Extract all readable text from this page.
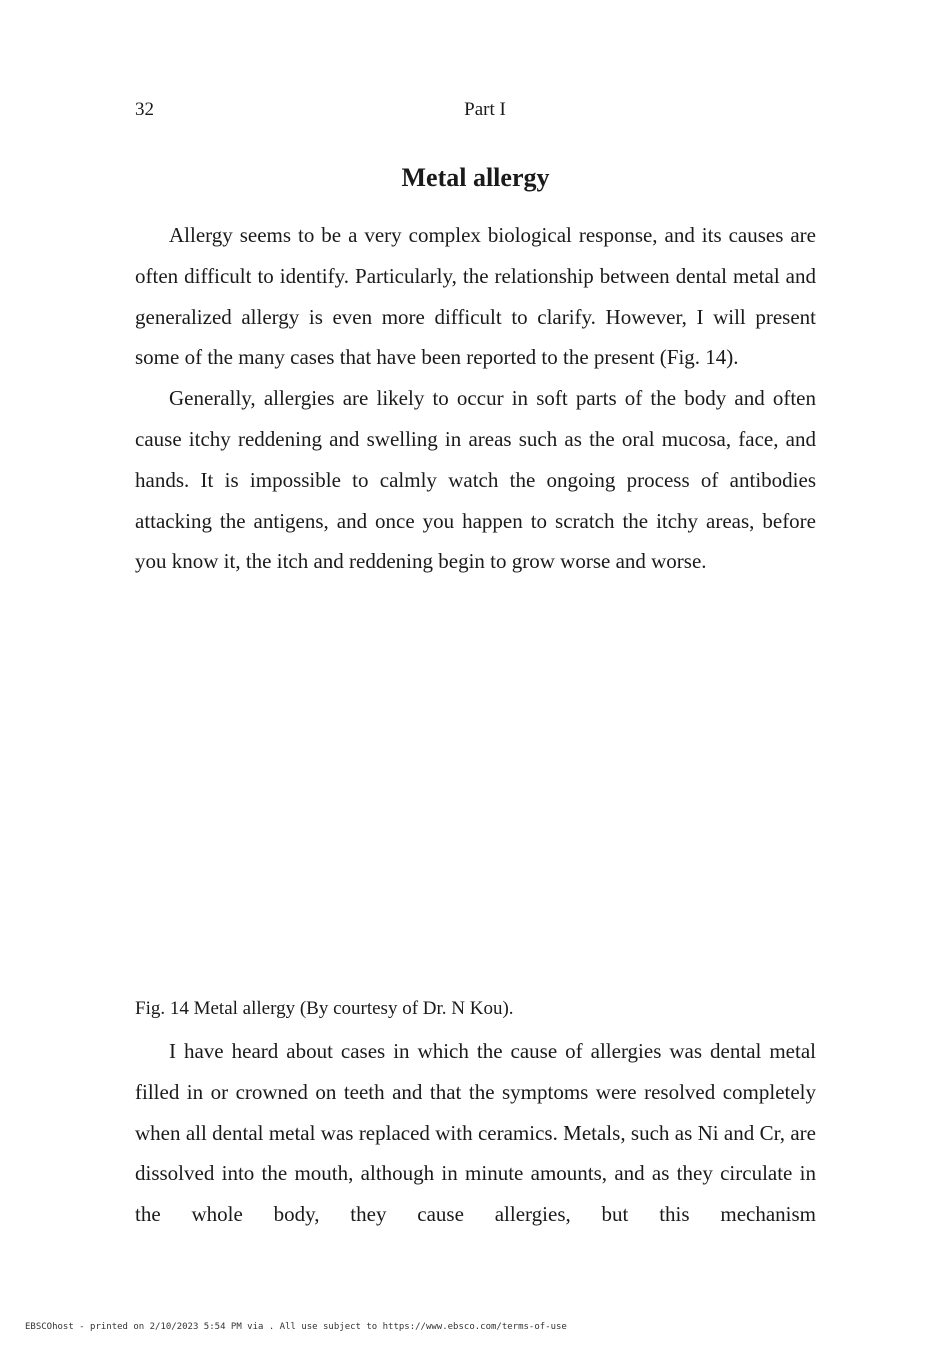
32	Part I
Metal allergy

Allergy seems to be a very complex biological response, and its causes are often difficult to identify. Particularly, the relationship between dental metal and generalized allergy is even more difficult to clarify. However, I will present some of the many cases that have been reported to the present (Fig. 14).

Generally, allergies are likely to occur in soft parts of the body and often cause itchy reddening and swelling in areas such as the oral mucosa, face, and hands. It is impossible to calmly watch the ongoing process of antibodies attacking the antigens, and once you happen to scratch the itchy areas, before you know it, the itch and reddening begin to grow worse and worse.

Fig. 14 Metal allergy (By courtesy of Dr. N Kou).

I have heard about cases in which the cause of allergies was dental metal filled in or crowned on teeth and that the symptoms were resolved completely when all dental metal was replaced with ceramics. Metals, such as Ni and Cr, are dissolved into the mouth, although in minute amounts, and as they circulate in the whole body, they cause allergies, but this mechanism

EBSCOhost - printed on 2/10/2023 5:54 PM via . All use subject to https://www.ebsco.com/terms-of-use
